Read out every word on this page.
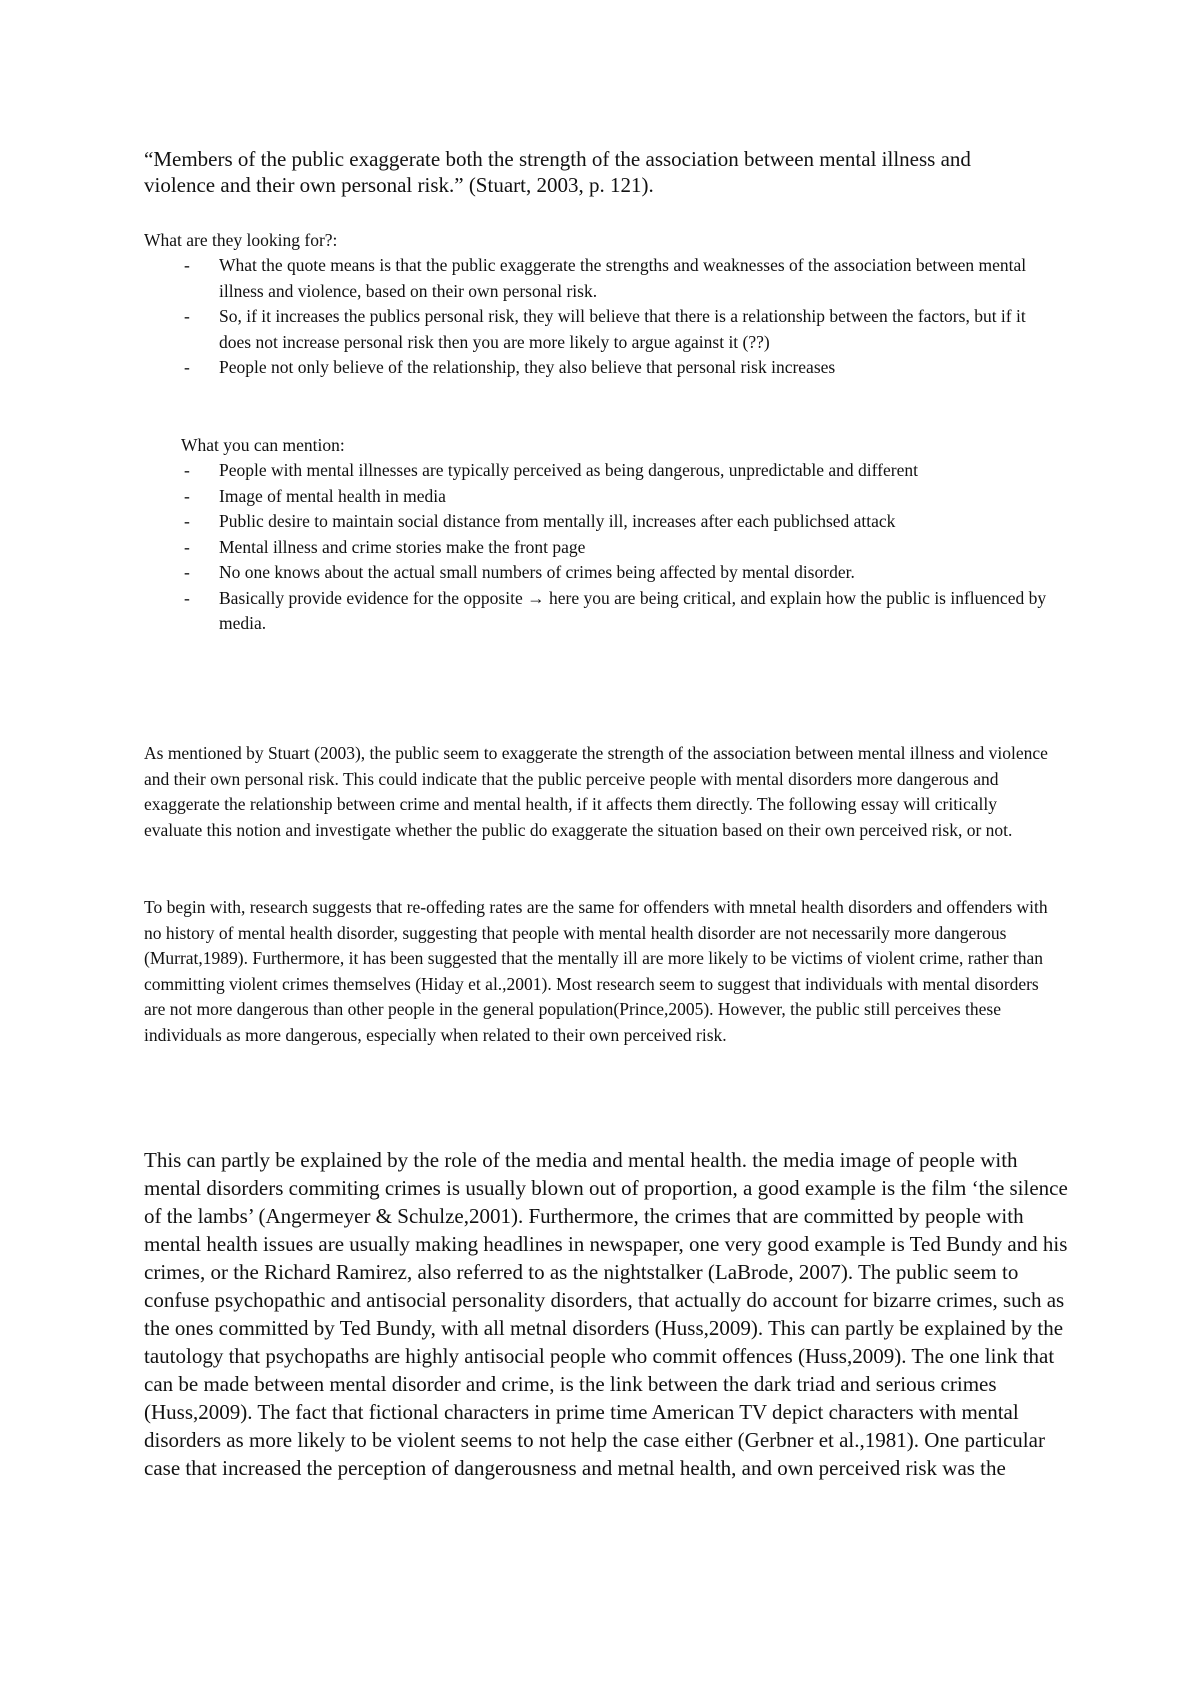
“Members of the public exaggerate both the strength of the association between mental illness and violence and their own personal risk.” (Stuart, 2003, p. 121).

What are they looking for?:
- What the quote means is that the public exaggerate the strengths and weaknesses of the association between mental illness and violence, based on their own personal risk.
- So, if it increases the publics personal risk, they will believe that there is a relationship between the factors, but if it does not increase personal risk then you are more likely to argue against it (??)
- People not only believe of the relationship, they also believe that personal risk increases
What you can mention:
- People with mental illnesses are typically perceived as being dangerous, unpredictable and different
- Image of mental health in media
- Public desire to maintain social distance from mentally ill, increases after each publichsed attack
- Mental illness and crime stories make the front page
- No one knows about the actual small numbers of crimes being affected by mental disorder.
- Basically provide evidence for the opposite → here you are being critical, and explain how the public is influenced by media.

As mentioned by Stuart (2003), the public seem to exaggerate the strength of the association between mental illness and violence and their own personal risk. This could indicate that the public perceive people with mental disorders more dangerous and exaggerate the relationship between crime and mental health, if it affects them directly. The following essay will critically evaluate this notion and investigate whether the public do exaggerate the situation based on their own perceived risk, or not.

To begin with, research suggests that re-offeding rates are the same for offenders with mnetal health disorders and offenders with no history of mental health disorder, suggesting that people with mental health disorder are not necessarily more dangerous (Murrat,1989). Furthermore, it has been suggested that the mentally ill are more likely to be victims of violent crime, rather than committing violent crimes themselves (Hiday et al.,2001). Most research seem to suggest that individuals with mental disorders are not more dangerous than other people in the general population(Prince,2005). However, the public still perceives these individuals as more dangerous, especially when related to their own perceived risk.

This can partly be explained by the role of the media and mental health. the media image of people with mental disorders commiting crimes is usually blown out of proportion, a good example is the film ‘the silence of the lambs’ (Angermeyer & Schulze,2001). Furthermore, the crimes that are committed by people with mental health issues are usually making headlines in newspaper, one very good example is Ted Bundy and his crimes, or the Richard Ramirez, also referred to as the nightstalker (LaBrode, 2007). The public seem to confuse psychopathic and antisocial personality disorders, that actually do account for bizarre crimes, such as the ones committed by Ted Bundy, with all metnal disorders (Huss,2009). This can partly be explained by the tautology that psychopaths are highly antisocial people who commit offences (Huss,2009). The one link that can be made between mental disorder and crime, is the link between the dark triad and serious crimes (Huss,2009). The fact that fictional characters in prime time American TV depict characters with mental disorders as more likely to be violent seems to not help the case either (Gerbner et al.,1981). One particular case that increased the perception of dangerousness and metnal health, and own perceived risk was the
